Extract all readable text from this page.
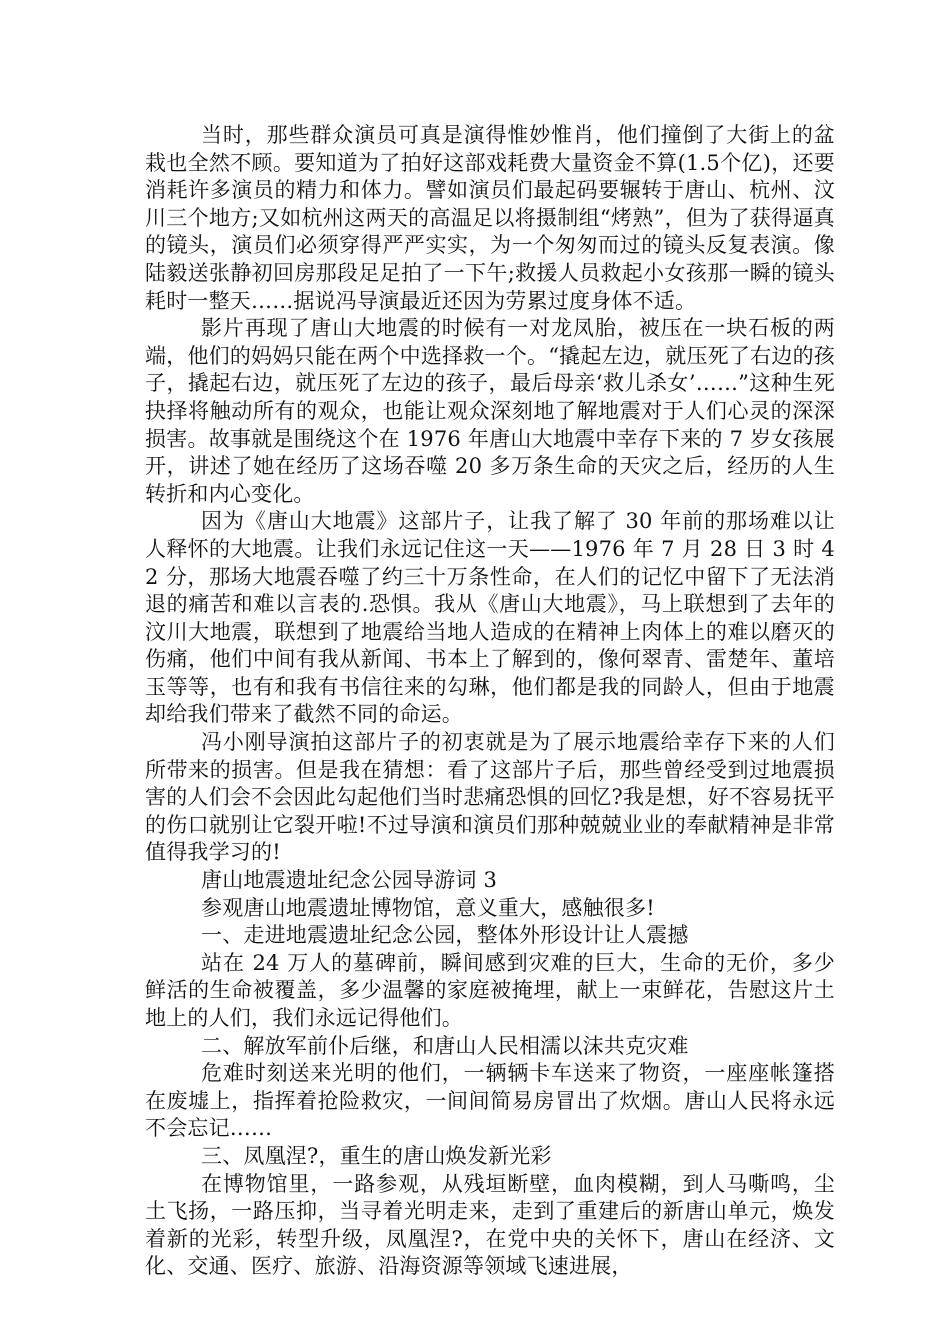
当时，那些群众演员可真是演得惟妙惟肖，他们撞倒了大街上的盆栽也全然不顾。要知道为了拍好这部戏耗费大量资金不算(1.5个亿)，还要消耗许多演员的精力和体力。譬如演员们最起码要辗转于唐山、杭州、汶川三个地方;又如杭州这两天的高温足以将摄制组“烤熟”，但为了获得逼真的镜头，演员们必须穿得严严实实，为一个匆匆而过的镜头反复表演。像陆毅送张静初回房那段足足拍了一下午;救援人员救起小女孩那一瞬的镜头耗时一整天……据说冯导演最近还因为劳累过度身体不适。

影片再现了唐山大地震的时候有一对龙凤胎，被压在一块石板的两端，他们的妈妈只能在两个中选择救一个。“撬起左边，就压死了右边的孩子，撬起右边，就压死了左边的孩子，最后母亲‘救儿杀女’……”这种生死抉择将触动所有的观众，也能让观众深刻地了解地震对于人们心灵的深深损害。故事就是围绕这个在 1976 年唐山大地震中幸存下来的 7 岁女孩展开，讲述了她在经历了这场吞噬 20 多万条生命的天灾之后，经历的人生转折和内心变化。

因为《唐山大地震》这部片子，让我了解了 30 年前的那场难以让人释怀的大地震。让我们永远记住这一天——1976 年 7 月 28 日 3 时 42 分，那场大地震吞噬了约三十万条性命，在人们的记忆中留下了无法消退的痛苦和难以言表的.恐惧。我从《唐山大地震》，马上联想到了去年的汶川大地震，联想到了地震给当地人造成的在精神上肉体上的难以磨灭的伤痛，他们中间有我从新闻、书本上了解到的，像何翠青、雷楚年、董培玉等等，也有和我有书信往来的勾琳，他们都是我的同龄人，但由于地震却给我们带来了截然不同的命运。

冯小刚导演拍这部片子的初衷就是为了展示地震给幸存下来的人们所带来的损害。但是我在猜想：看了这部片子后，那些曾经受到过地震损害的人们会不会因此勾起他们当时悲痛恐惧的回忆?我是想，好不容易抚平的伤口就别让它裂开啦!不过导演和演员们那种兢兢业业的奉献精神是非常值得我学习的!

唐山地震遗址纪念公园导游词 3

参观唐山地震遗址博物馆，意义重大，感触很多!

一、走进地震遗址纪念公园，整体外形设计让人震撼

站在 24 万人的墓碑前，瞬间感到灾难的巨大，生命的无价，多少鲜活的生命被覆盖，多少温馨的家庭被掩埋，献上一束鲜花，告慰这片土地上的人们，我们永远记得他们。

二、解放军前仆后继，和唐山人民相濡以沫共克灾难

危难时刻送来光明的他们，一辆辆卡车送来了物资，一座座帐篷搭在废墟上，指挥着抢险救灾，一间间简易房冒出了炊烟。唐山人民将永远不会忘记……

三、凤凰涅?，重生的唐山焕发新光彩

在博物馆里，一路参观，从残垣断壁，血肉模糊，到人马嘶鸣，尘土飞扬，一路压抑，当寻着光明走来，走到了重建后的新唐山单元，焕发着新的光彩，转型升级，凤凰涅?，在党中央的关怀下，唐山在经济、文化、交通、医疗、旅游、沿海资源等领域飞速进展，
